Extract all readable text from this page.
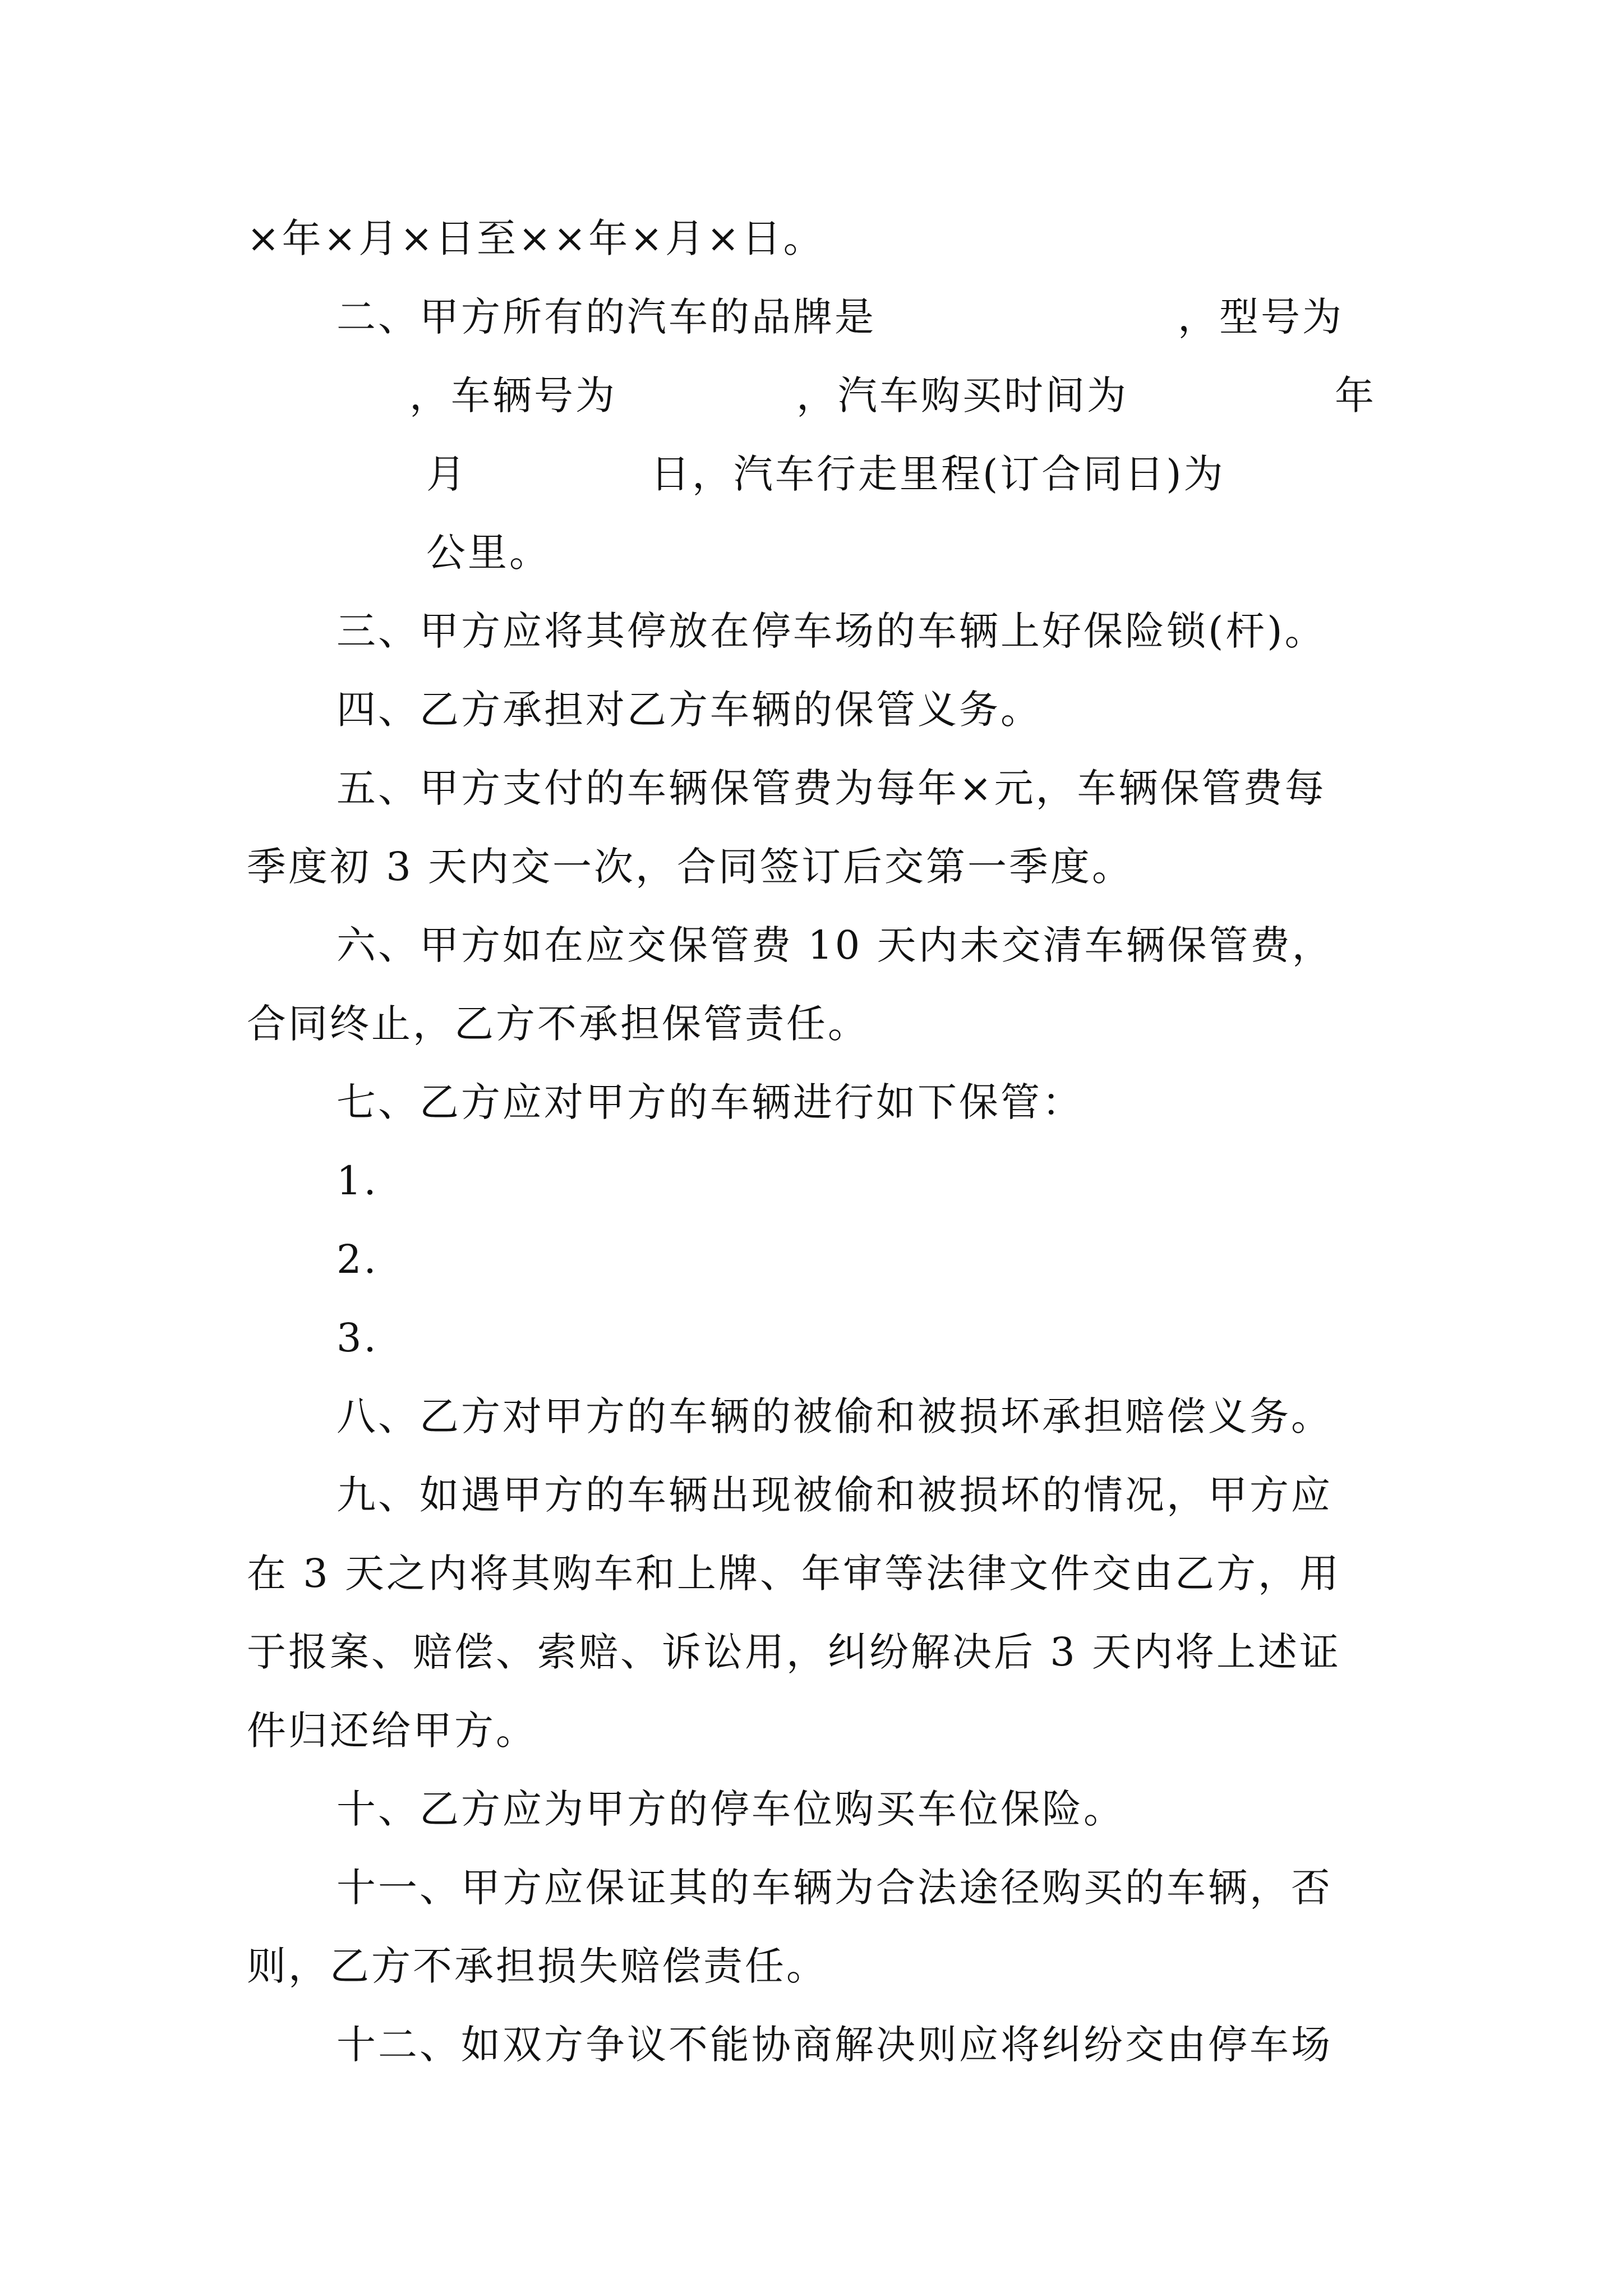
×年×月×日至××年×月×日。
二、甲方所有的汽车的品牌是	，型号为
，车辆号为	，汽车购买时间为	年
月	日，汽车行走里程(订合同日)为
公里。
三、甲方应将其停放在停车场的车辆上好保险锁(杆)。
四、乙方承担对乙方车辆的保管义务。
五、甲方支付的车辆保管费为每年×元，车辆保管费每
季度初 3 天内交一次，合同签订后交第一季度。
六、甲方如在应交保管费 10 天内未交清车辆保管费，
合同终止，乙方不承担保管责任。
七、乙方应对甲方的车辆进行如下保管：
1.
2.
3.
八、乙方对甲方的车辆的被偷和被损坏承担赔偿义务。
九、如遇甲方的车辆出现被偷和被损坏的情况，甲方应
在 3 天之内将其购车和上牌、年审等法律文件交由乙方，用
于报案、赔偿、索赔、诉讼用，纠纷解决后 3 天内将上述证
件归还给甲方。
十、乙方应为甲方的停车位购买车位保险。
十一、甲方应保证其的车辆为合法途径购买的车辆，否
则，乙方不承担损失赔偿责任。
十二、如双方争议不能协商解决则应将纠纷交由停车场
